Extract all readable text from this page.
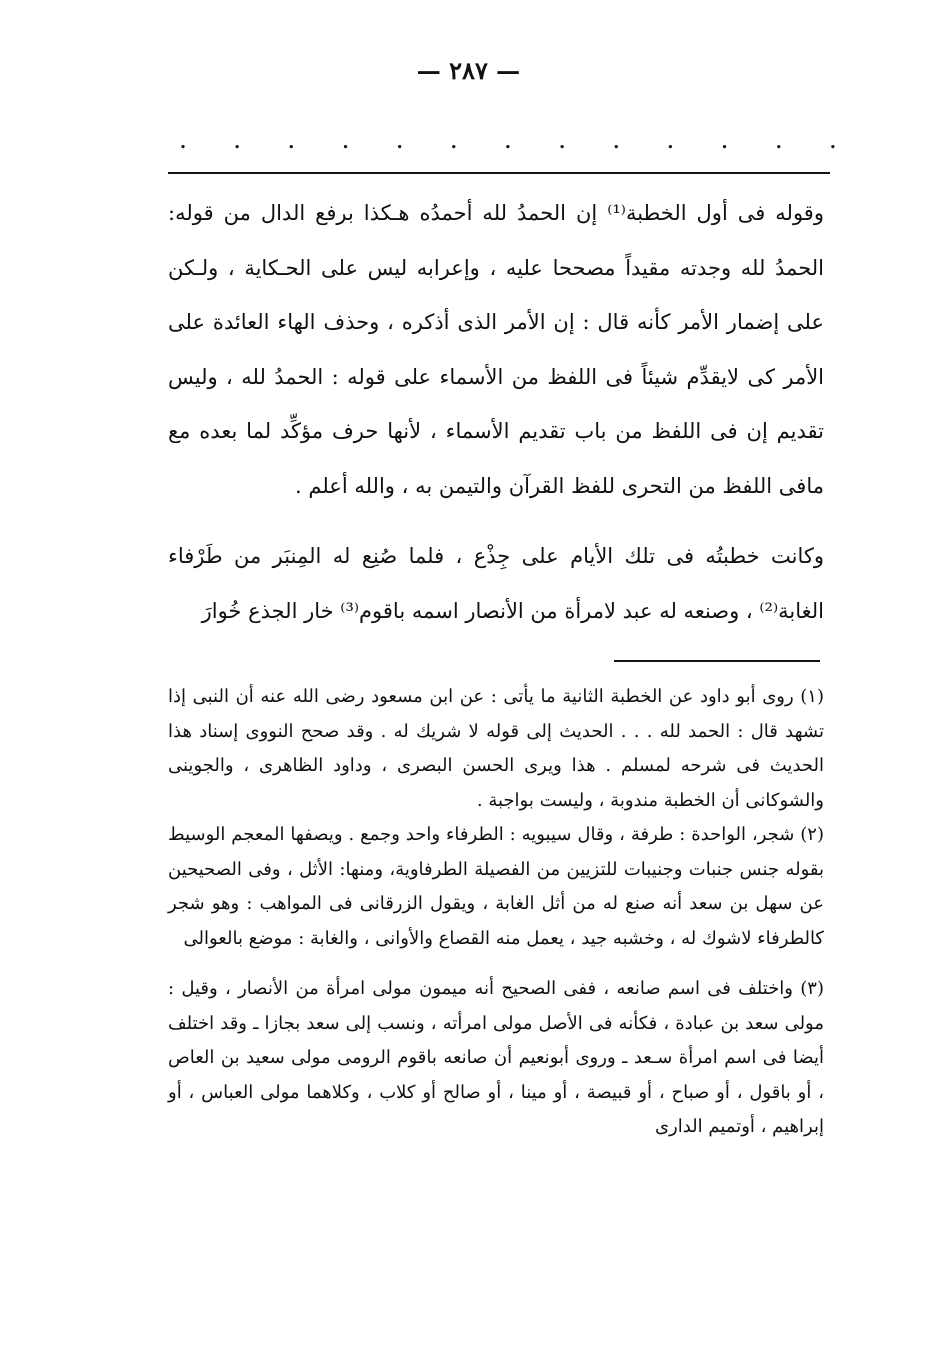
— ٢٨٧ —
.	.	.	.	.	.	.	.	.	.	.	.	.

وقوله فى أول الخطبة⁽¹⁾ إن الحمدُ لله أحمدُه هـكذا برفع الدال من قوله: الحمدُ لله وجدته مقيداً مصححا عليه ، وإعرابه ليس على الحـكاية ، ولـكن على إضمار الأمر كأنه قال : إن الأمر الذى أذكره ، وحذف الهاء العائدة على الأمر كى لايقدِّم شيئاً فى اللفظ من الأسماء على قوله : الحمدُ لله ، وليس تقديم إن فى اللفظ من باب تقديم الأسماء ، لأنها حرف مؤكِّد لما بعده مع مافى اللفظ من التحرى للفظ القرآن والتيمن به ، والله أعلم .

وكانت خطبتُه فى تلك الأيام على جِذْع ، فلما صُنِع له المِنبَر من طَرْفاء الغابة⁽²⁾ ، وصنعه له عبد لامرأة من الأنصار اسمه باقوم⁽³⁾ خار الجذع خُوارَ

(١) روى أبو داود عن الخطبة الثانية ما يأتى : عن ابن مسعود رضى الله عنه أن النبى إذا تشهد قال : الحمد لله . . . الحديث إلى قوله لا شريك له . وقد صحح النووى إسناد هذا الحديث فى شرحه لمسلم . هذا ويرى الحسن البصرى ، وداود الظاهرى ، والجوينى والشوكانى أن الخطبة مندوبة ، وليست بواجبة .

(٢) شجر، الواحدة : طرفة ، وقال سيبويه : الطرفاء واحد وجمع . ويصفها المعجم الوسيط بقوله جنس جنبات وجنيبات للتزيين من الفصيلة الطرفاوية، ومنها: الأثل ، وفى الصحيحين عن سهل بن سعد أنه صنع له من أثل الغابة ، ويقول الزرقانى فى المواهب : وهو شجر كالطرفاء لاشوك له ، وخشبه جيد ، يعمل منه القصاع والأوانى ، والغابة : موضع بالعوالى

(٣) واختلف فى اسم صانعه ، ففى الصحيح أنه ميمون مولى امرأة من الأنصار ، وقيل : مولى سعد بن عبادة ، فكأنه فى الأصل مولى امرأته ، ونسب إلى سعد بجازا ـ وقد اختلف أيضا فى اسم امرأة سـعد ـ وروى أبونعيم أن صانعه باقوم الرومى مولى سعيد بن العاص ، أو باقول ، أو صباح ، أو قبيصة ، أو مينا ، أو صالح أو كلاب ، وكلاهما مولى العباس ، أو إبراهيم ، أوتميم الدارى
